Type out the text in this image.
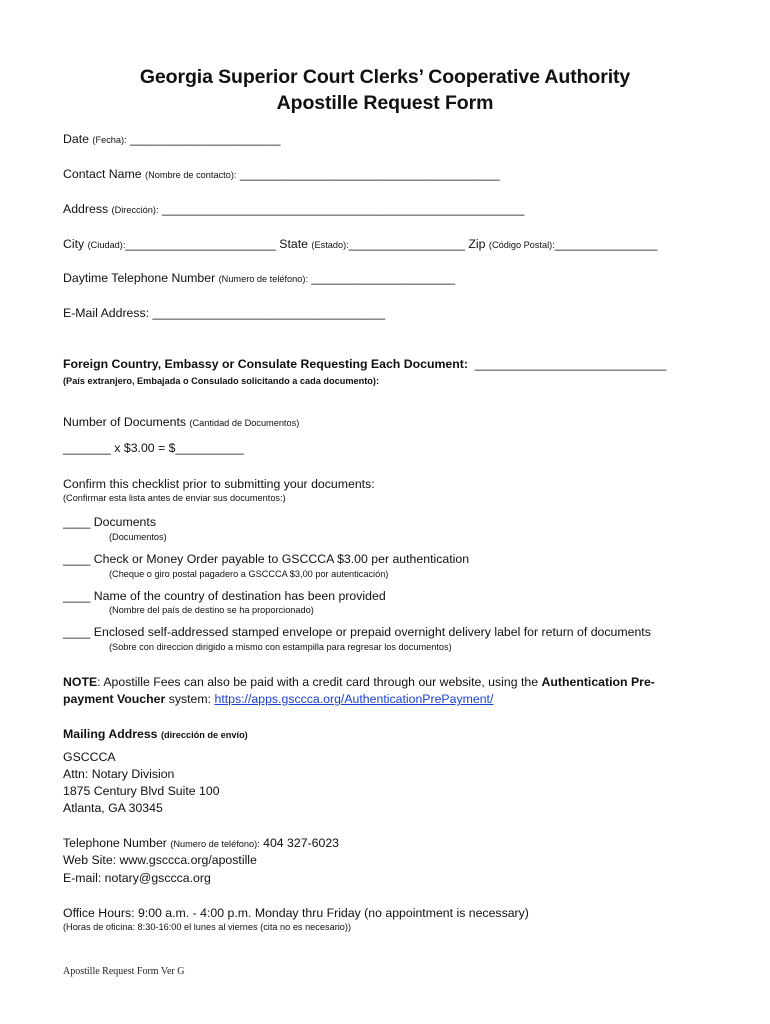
Georgia Superior Court Clerks’ Cooperative Authority
Apostille Request Form
Date (Fecha): ______________________
Contact Name (Nombre de contacto): ______________________________________
Address (Dirección): _____________________________________________________
City (Ciudad):______________________ State (Estado):_________________ Zip (Código Postal):_______________
Daytime Telephone Number (Numero de teléfono): _____________________
E-Mail Address: __________________________________
Foreign Country, Embassy or Consulate Requesting Each Document:  ____________________________
(País extranjero, Embajada o Consulado solicitando a cada documento):
Number of Documents (Cantidad de Documentos)
_______ x $3.00 = $__________
Confirm this checklist prior to submitting your documents:
(Confirmar esta lista antes de enviar sus documentos:)
____ Documents
(Documentos)
____ Check or Money Order payable to GSCCCA $3.00 per authentication
(Cheque o giro postal pagadero a GSCCCA $3,00 por autenticación)
____ Name of the country of destination has been provided
(Nombre del país de destino se ha proporcionado)
____ Enclosed self-addressed stamped envelope or prepaid overnight delivery label for return of documents
(Sobre con direccion dirigido a mismo con estampilla para regresar los documentos)
NOTE: Apostille Fees can also be paid with a credit card through our website, using the Authentication Pre-
payment Voucher system: https://apps.gsccca.org/AuthenticationPrePayment/
Mailing Address (dirección de envío)
GSCCCA
Attn: Notary Division
1875 Century Blvd Suite 100
Atlanta, GA 30345
Telephone Number (Numero de teléfono): 404 327-6023
Web Site: www.gsccca.org/apostille
E-mail: notary@gsccca.org
Office Hours: 9:00 a.m. - 4:00 p.m. Monday thru Friday (no appointment is necessary)
(Horas de oficina: 8:30-16:00 el lunes al viernes (cita no es necesario))
Apostille Request Form Ver G
